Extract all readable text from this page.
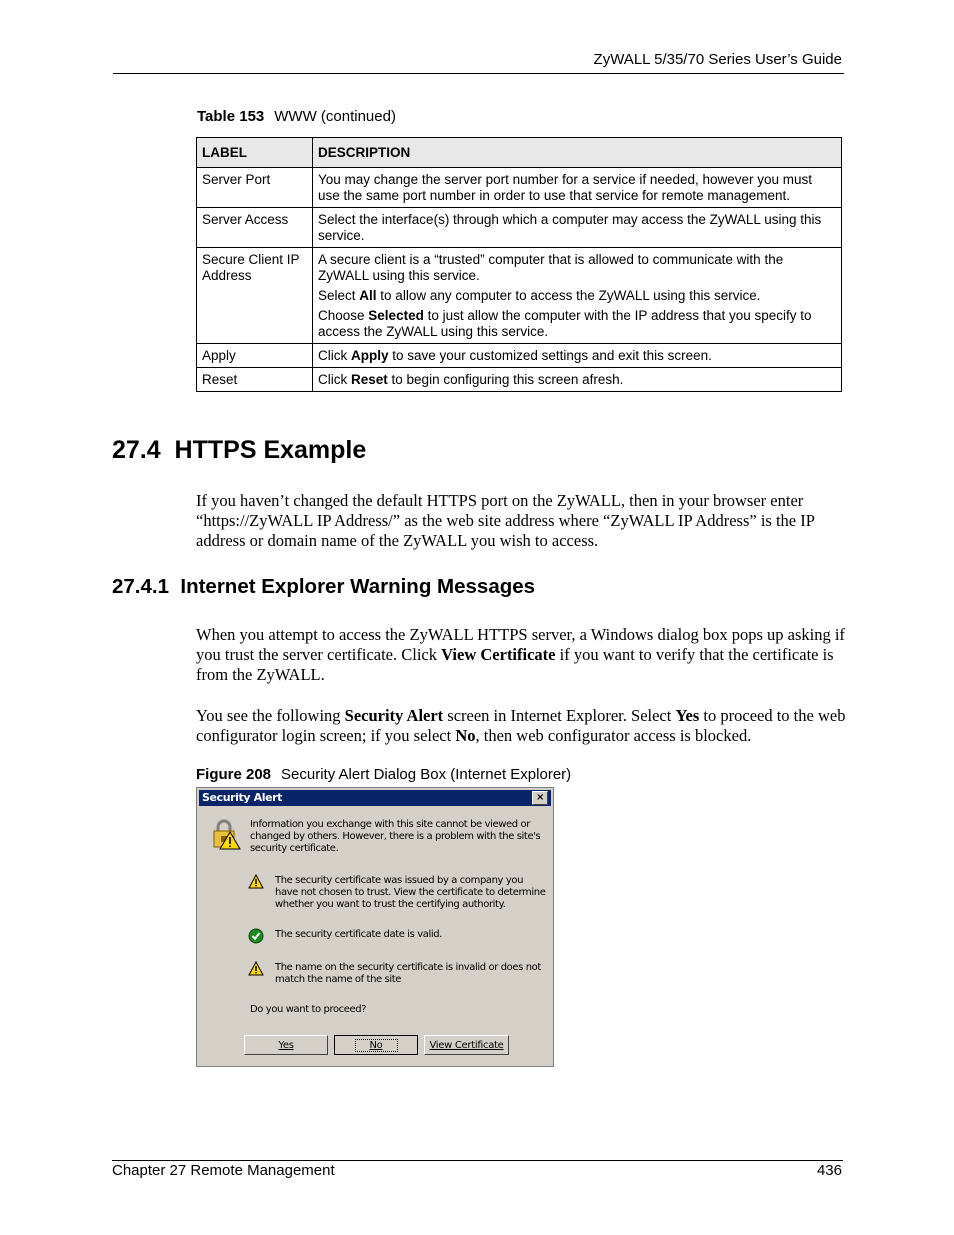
ZyWALL 5/35/70 Series User’s Guide
Table 153 WWW (continued)
LABEL	DESCRIPTION
Server Port	You may change the server port number for a service if needed, however you must use the same port number in order to use that service for remote management.
Server Access	Select the interface(s) through which a computer may access the ZyWALL using this service.
Secure Client IP Address	A secure client is a “trusted” computer that is allowed to communicate with the ZyWALL using this service.

Select All to allow any computer to access the ZyWALL using this service.

Choose Selected to just allow the computer with the IP address that you specify to access the ZyWALL using this service.

Apply	Click Apply to save your customized settings and exit this screen.
Reset	Click Reset to begin configuring this screen afresh.
27.4  HTTPS Example
If you haven’t changed the default HTTPS port on the ZyWALL, then in your browser enter “https://ZyWALL IP Address/” as the web site address where “ZyWALL IP Address” is the IP address or domain name of the ZyWALL you wish to access.
27.4.1  Internet Explorer Warning Messages
When you attempt to access the ZyWALL HTTPS server, a Windows dialog box pops up asking if you trust the server certificate. Click View Certificate if you want to verify that the certificate is from the ZyWALL.
You see the following Security Alert screen in Internet Explorer. Select Yes to proceed to the web configurator login screen; if you select No, then web configurator access is blocked.
Figure 208 Security Alert Dialog Box (Internet Explorer)
Security Alert	×
Information you exchange with this site cannot be viewed or changed by others. However, there is a problem with the site's security certificate.
The security certificate was issued by a company you have not chosen to trust. View the certificate to determine whether you want to trust the certifying authority.
The security certificate date is valid.
The name on the security certificate is invalid or does not match the name of the site
Do you want to proceed?
Yes	No	View Certificate
Chapter 27 Remote Management	436
